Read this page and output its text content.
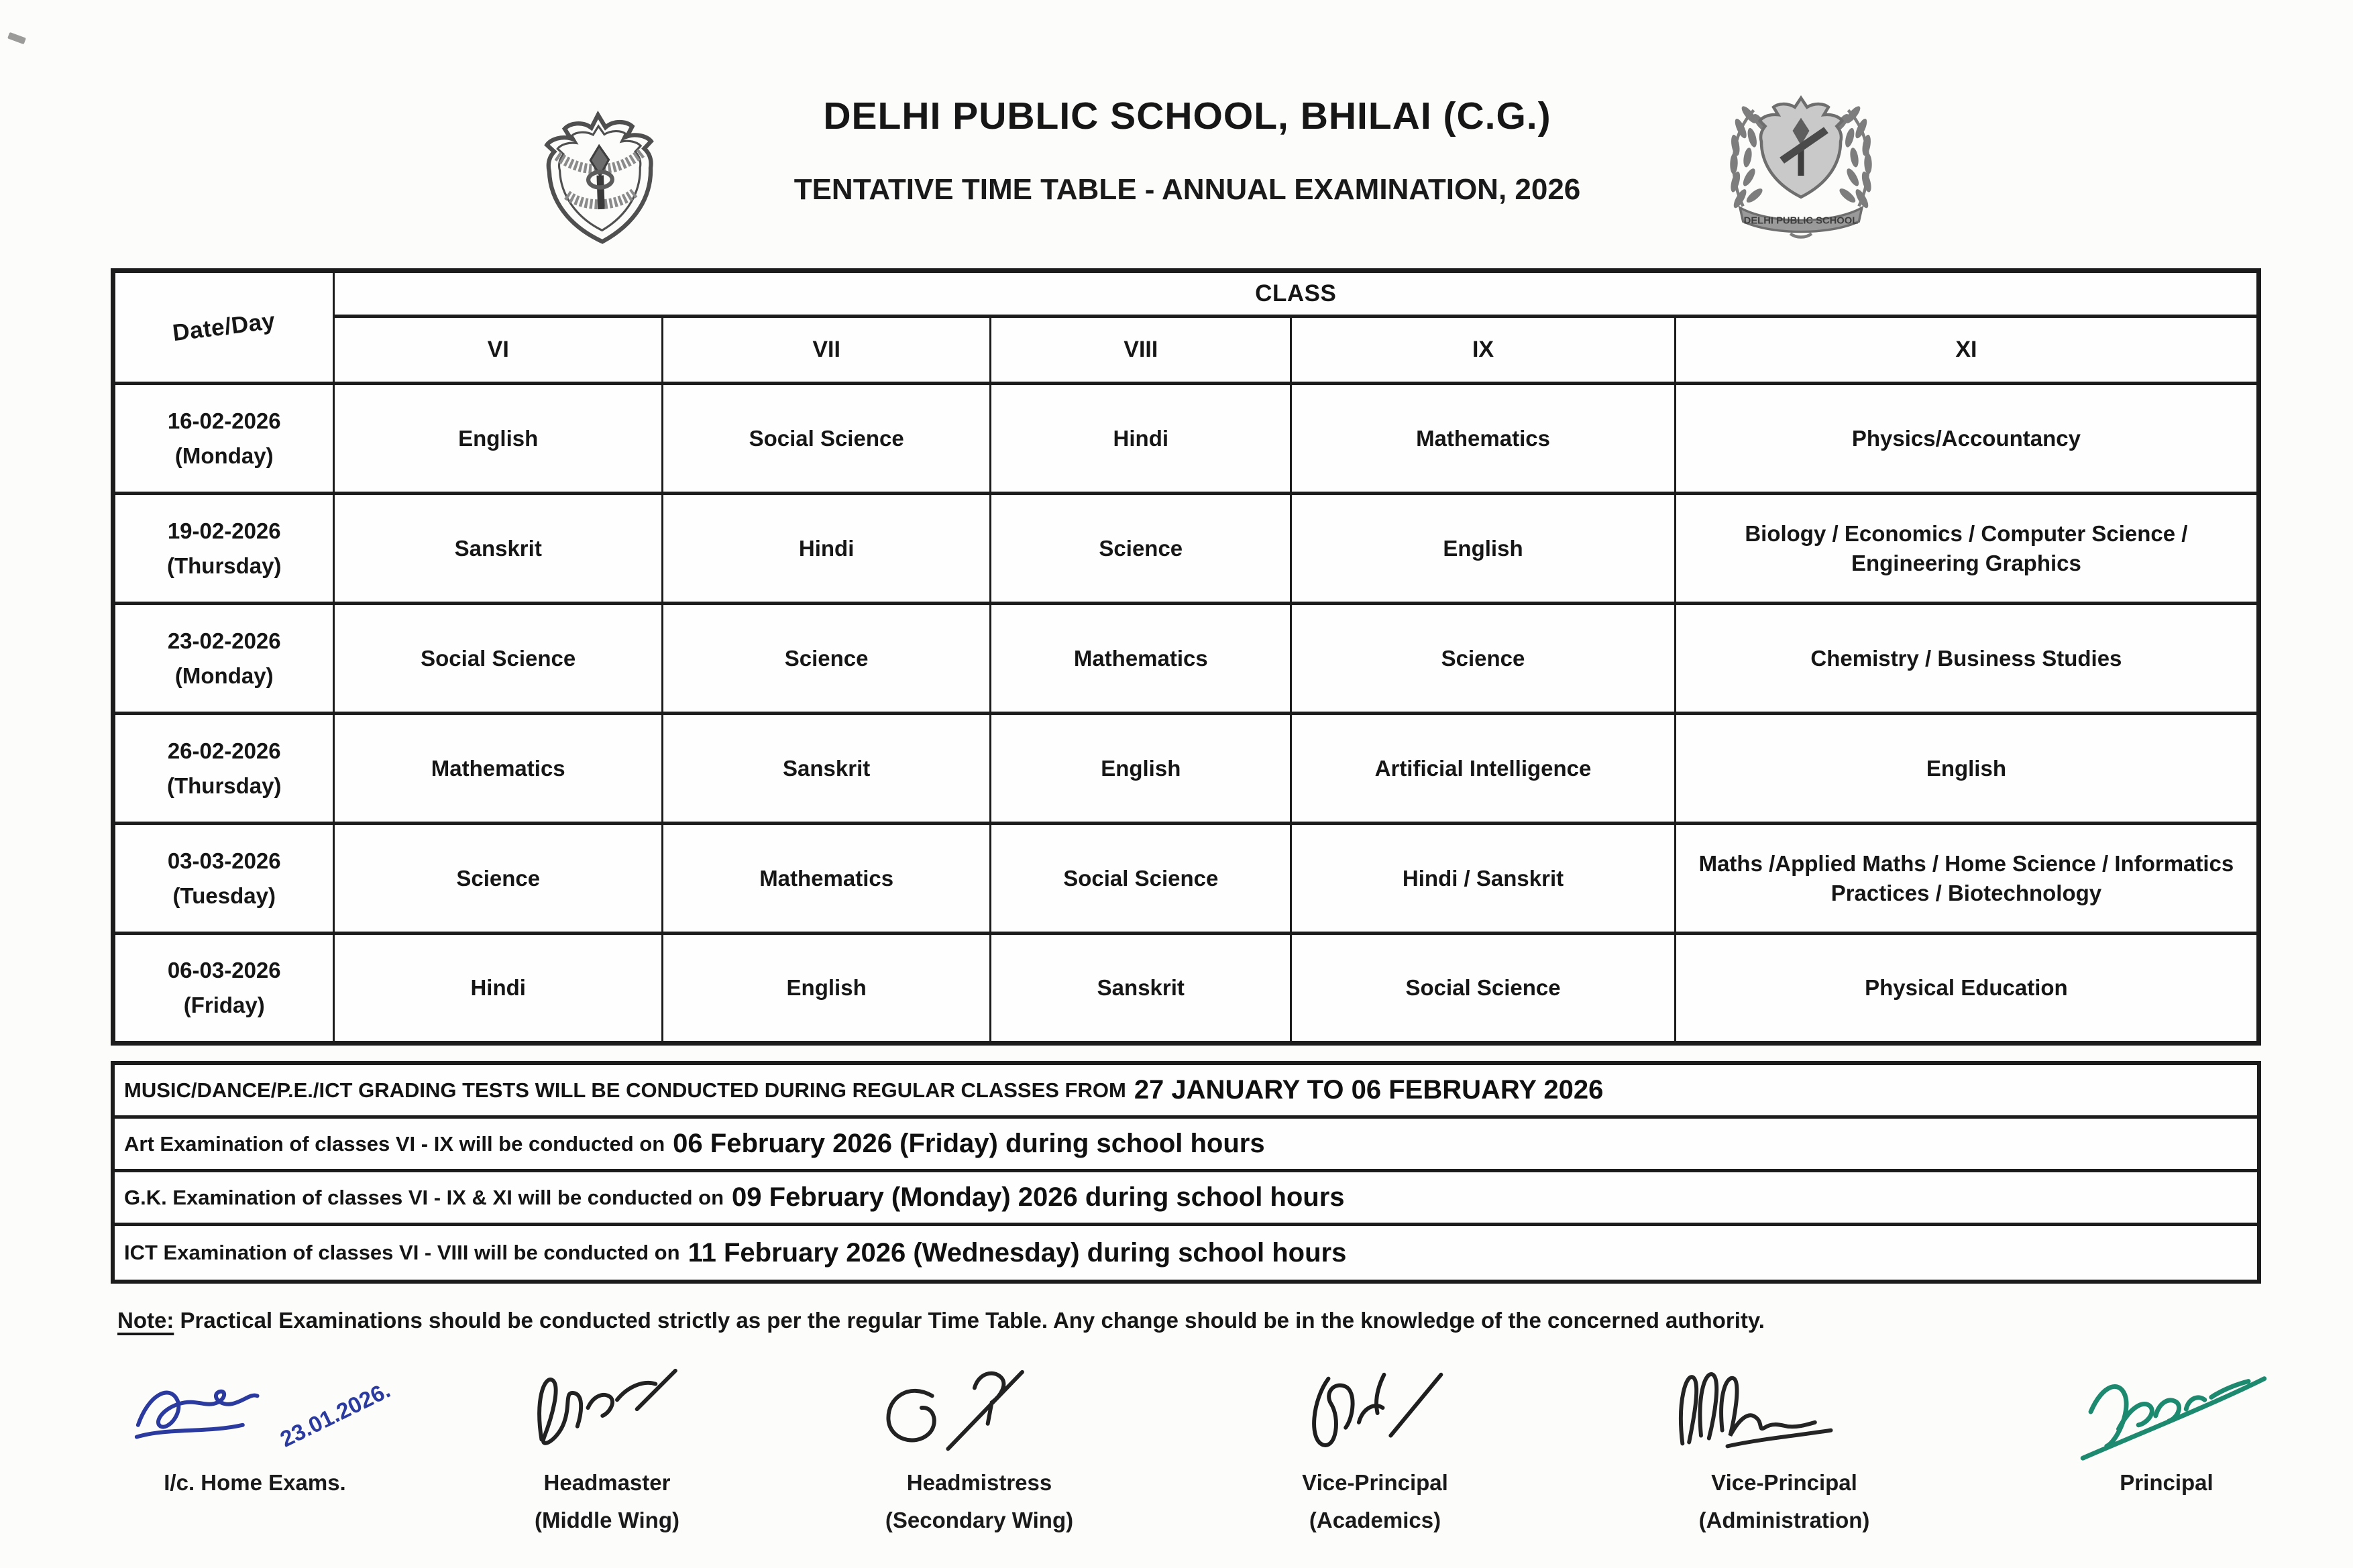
DELHI PUBLIC SCHOOL, BHILAI (C.G.)
TENTATIVE TIME TABLE - ANNUAL EXAMINATION, 2026
DELHI PUBLIC SCHOOL
Date/Day	CLASS				
	VI	VII	VIII	IX	XI

16-02-2026
(Monday)	English	Social Science	Hindi	Mathematics	Physics/Accountancy

19-02-2026
(Thursday)	Sanskrit	Hindi	Science	English	Biology / Economics / Computer Science / Engineering Graphics

23-02-2026
(Monday)	Social Science	Science	Mathematics	Science	Chemistry / Business Studies

26-02-2026
(Thursday)	Mathematics	Sanskrit	English	Artificial Intelligence	English

03-03-2026
(Tuesday)	Science	Mathematics	Social Science	Hindi / Sanskrit	Maths /Applied Maths / Home Science / Informatics Practices / Biotechnology

06-03-2026
(Friday)	Hindi	English	Sanskrit	Social Science	Physical Education
MUSIC/DANCE/P.E./ICT GRADING TESTS WILL BE CONDUCTED DURING REGULAR CLASSES FROM 27 JANUARY TO 06 FEBRUARY 2026
Art Examination of classes VI - IX will be conducted on 06 February 2026 (Friday) during school hours
G.K. Examination of classes VI - IX & XI will be conducted on 09 February (Monday) 2026 during school hours
ICT Examination of classes VI - VIII will be conducted on 11 February 2026 (Wednesday) during school hours

Note: Practical Examinations should be conducted strictly as per the regular Time Table. Any change should be in the knowledge of the concerned authority.

23.01.2026.
I/c. Home Exams.	Headmaster
(Middle Wing)
Headmistress
(Secondary Wing)
Vice-Principal
(Academics)
Vice-Principal
(Administration)
Principal
